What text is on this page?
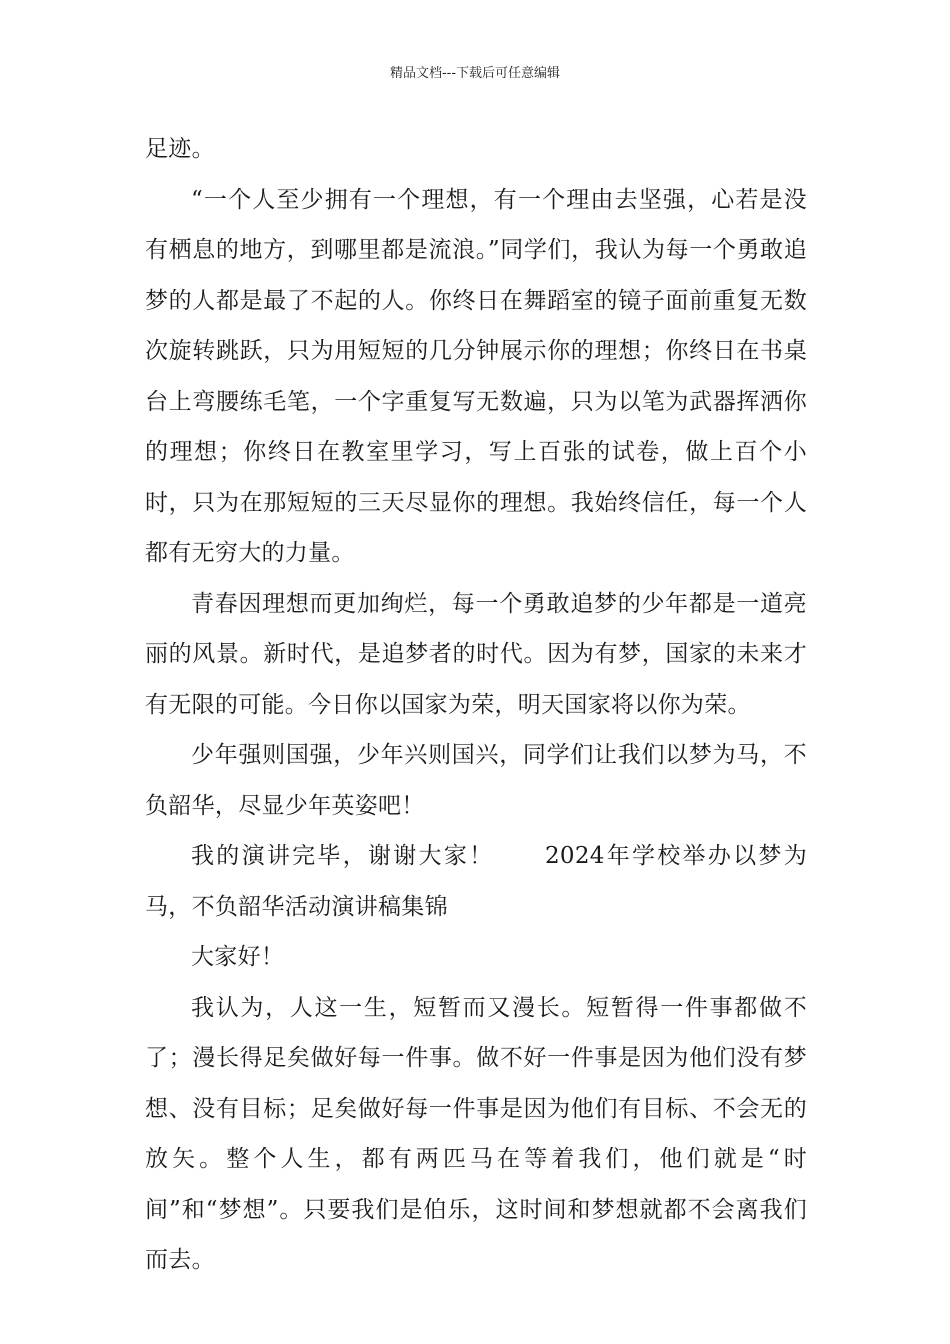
精品文档---下载后可任意编辑

足迹。

“一个人至少拥有一个理想，有一个理由去坚强，心若是没有栖息的地方，到哪里都是流浪。”同学们，我认为每一个勇敢追梦的人都是最了不起的人。你终日在舞蹈室的镜子面前重复无数次旋转跳跃，只为用短短的几分钟展示你的理想；你终日在书桌台上弯腰练毛笔，一个字重复写无数遍，只为以笔为武器挥洒你的理想；你终日在教室里学习，写上百张的试卷，做上百个小时，只为在那短短的三天尽显你的理想。我始终信任，每一个人都有无穷大的力量。

青春因理想而更加绚烂，每一个勇敢追梦的少年都是一道亮丽的风景。新时代，是追梦者的时代。因为有梦，国家的未来才有无限的可能。今日你以国家为荣，明天国家将以你为荣。

少年强则国强，少年兴则国兴，同学们让我们以梦为马，不负韶华，尽显少年英姿吧！

我的演讲完毕，谢谢大家！　　2024年学校举办以梦为马，不负韶华活动演讲稿集锦

大家好！

我认为，人这一生，短暂而又漫长。短暂得一件事都做不了；漫长得足矣做好每一件事。做不好一件事是因为他们没有梦想、没有目标；足矣做好每一件事是因为他们有目标、不会无的放矢。整个人生，都有两匹马在等着我们，他们就是“时间”和“梦想”。只要我们是伯乐，这时间和梦想就都不会离我们而去。
